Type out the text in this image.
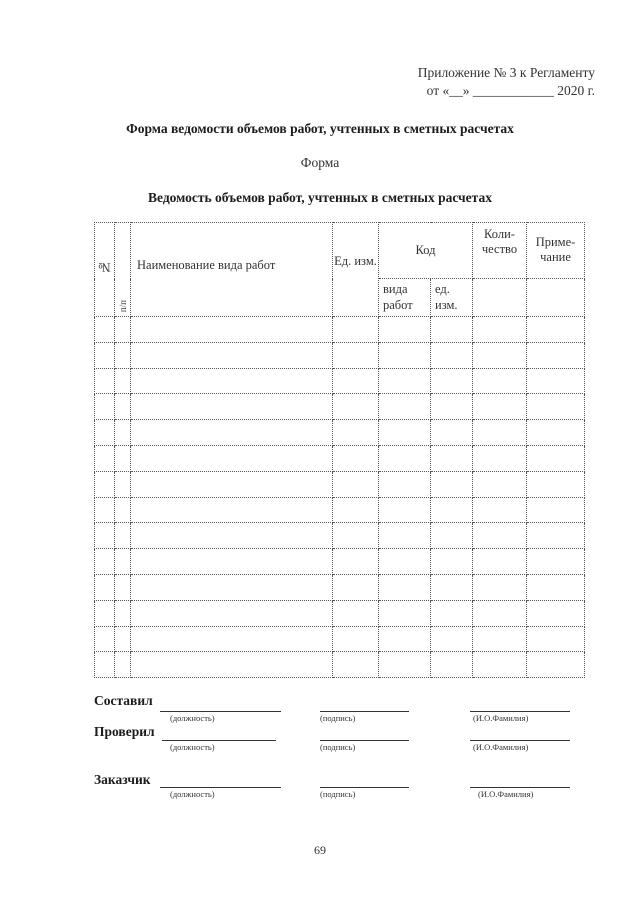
Приложение № 3 к Регламенту
от «__» ____________ 2020 г.
Форма ведомости объемов работ, учтенных в сметных расчетах
Форма
Ведомость объемов работ, учтенных в сметных расчетах
№	п/п	Наименование вида работ	Ед. изм.	Код		Коли-чество	Приме-чание
				вида работ	ед. изм.		

Составил
(должность)	(подпись)	(И.О.Фамилия)
Проверил
(должность)	(подпись)	(И.О.Фамилия)
Заказчик
(должность)	(подпись)	(И.О.Фамилия)
69
